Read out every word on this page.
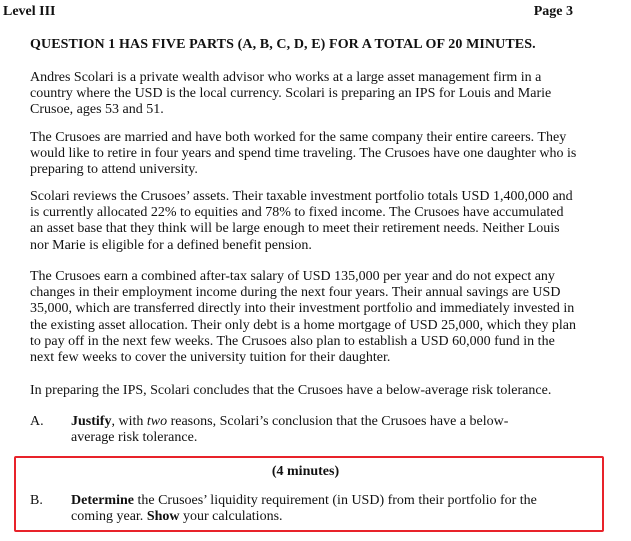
Level III	Page 3
QUESTION 1 HAS FIVE PARTS (A, B, C, D, E) FOR A TOTAL OF 20 MINUTES.

Andres Scolari is a private wealth advisor who works at a large asset management firm in a country where the USD is the local currency. Scolari is preparing an IPS for Louis and Marie Crusoe, ages 53 and 51.

The Crusoes are married and have both worked for the same company their entire careers. They would like to retire in four years and spend time traveling. The Crusoes have one daughter who is preparing to attend university.

Scolari reviews the Crusoes’ assets. Their taxable investment portfolio totals USD 1,400,000 and is currently allocated 22% to equities and 78% to fixed income. The Crusoes have accumulated an asset base that they think will be large enough to meet their retirement needs. Neither Louis nor Marie is eligible for a defined benefit pension.

The Crusoes earn a combined after-tax salary of USD 135,000 per year and do not expect any changes in their employment income during the next four years. Their annual savings are USD 35,000, which are transferred directly into their investment portfolio and immediately invested in the existing asset allocation. Their only debt is a home mortgage of USD 25,000, which they plan to pay off in the next few weeks. The Crusoes also plan to establish a USD 60,000 fund in the next few weeks to cover the university tuition for their daughter.

In preparing the IPS, Scolari concludes that the Crusoes have a below-average risk tolerance.

A. Justify, with two reasons, Scolari’s conclusion that the Crusoes have a below-average risk tolerance.
(4 minutes)
B. Determine the Crusoes’ liquidity requirement (in USD) from their portfolio for the coming year. Show your calculations.
